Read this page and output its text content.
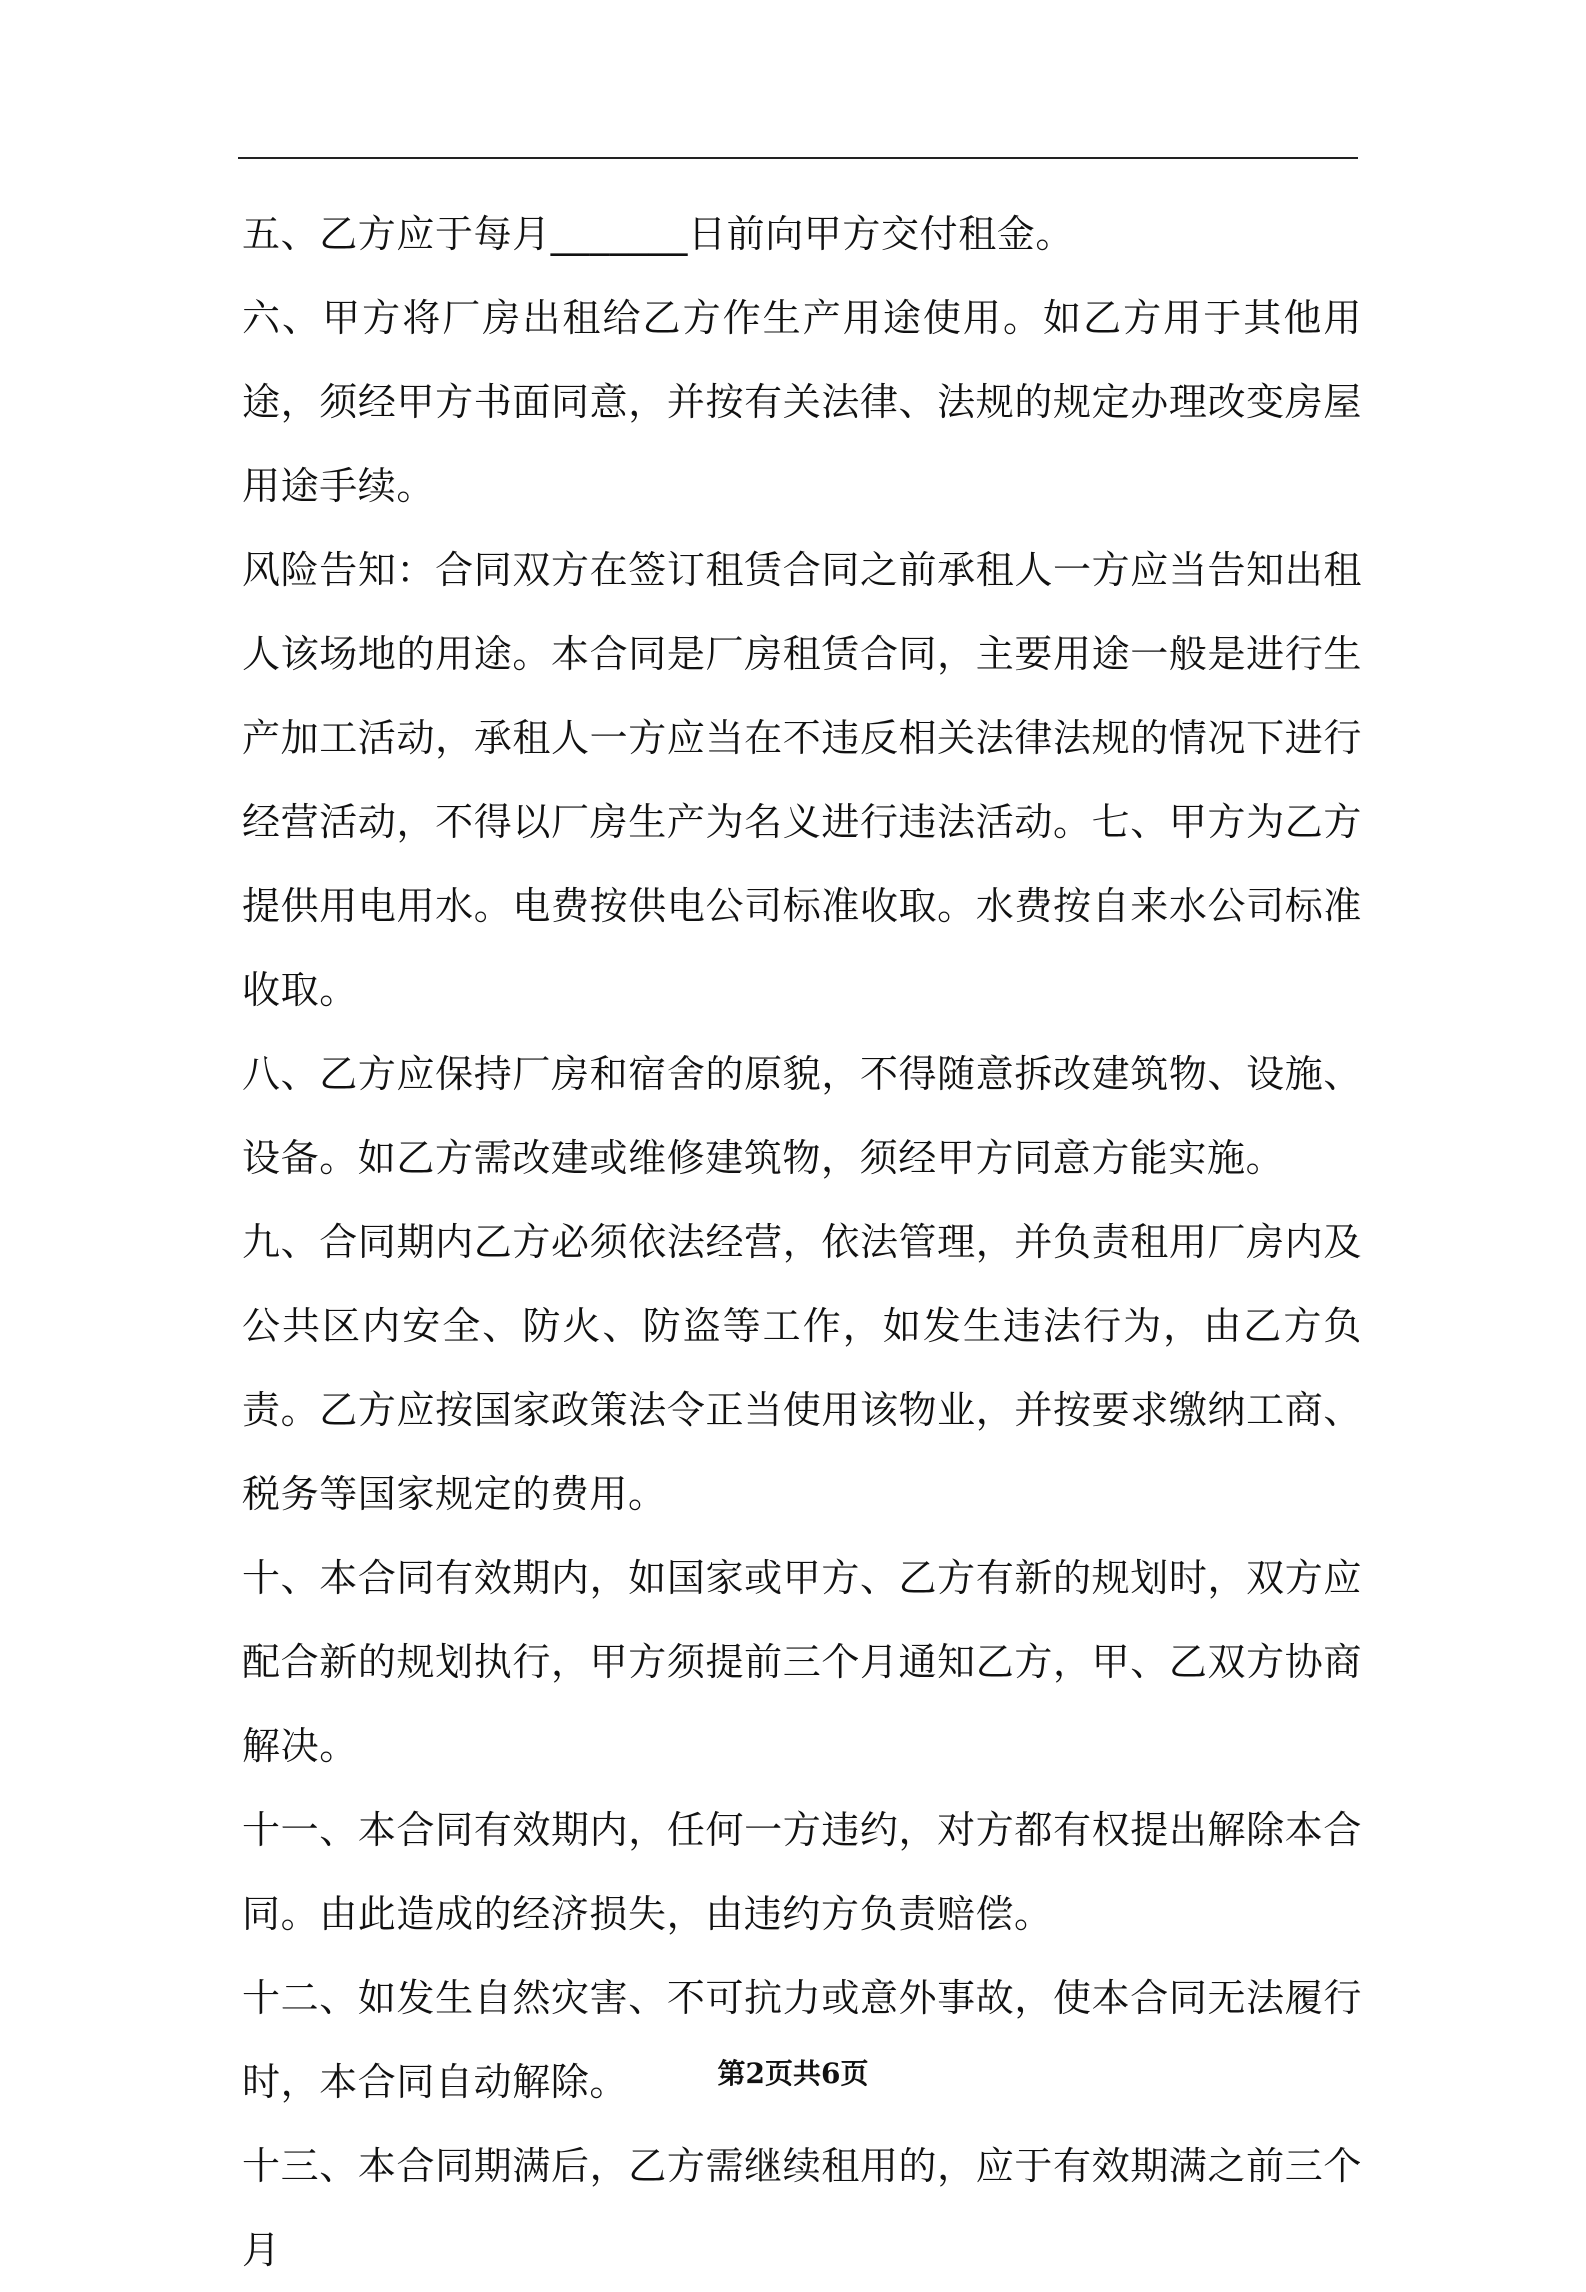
五、乙方应于每月_______日前向甲方交付租金。

六、甲方将厂房出租给乙方作生产用途使用。如乙方用于其他用途，须经甲方书面同意，并按有关法律、法规的规定办理改变房屋用途手续。

风险告知：合同双方在签订租赁合同之前承租人一方应当告知出租人该场地的用途。本合同是厂房租赁合同，主要用途一般是进行生产加工活动，承租人一方应当在不违反相关法律法规的情况下进行经营活动，不得以厂房生产为名义进行违法活动。七、甲方为乙方提供用电用水。电费按供电公司标准收取。水费按自来水公司标准收取。

八、乙方应保持厂房和宿舍的原貌，不得随意拆改建筑物、设施、设备。如乙方需改建或维修建筑物，须经甲方同意方能实施。

九、合同期内乙方必须依法经营，依法管理，并负责租用厂房内及公共区内安全、防火、防盗等工作，如发生违法行为，由乙方负责。乙方应按国家政策法令正当使用该物业，并按要求缴纳工商、税务等国家规定的费用。

十、本合同有效期内，如国家或甲方、乙方有新的规划时，双方应配合新的规划执行，甲方须提前三个月通知乙方，甲、乙双方协商解决。

十一、本合同有效期内，任何一方违约，对方都有权提出解除本合同。由此造成的经济损失，由违约方负责赔偿。

十二、如发生自然灾害、不可抗力或意外事故，使本合同无法履行时，本合同自动解除。

十三、本合同期满后，乙方需继续租用的，应于有效期满之前三个月

第2页共6页
